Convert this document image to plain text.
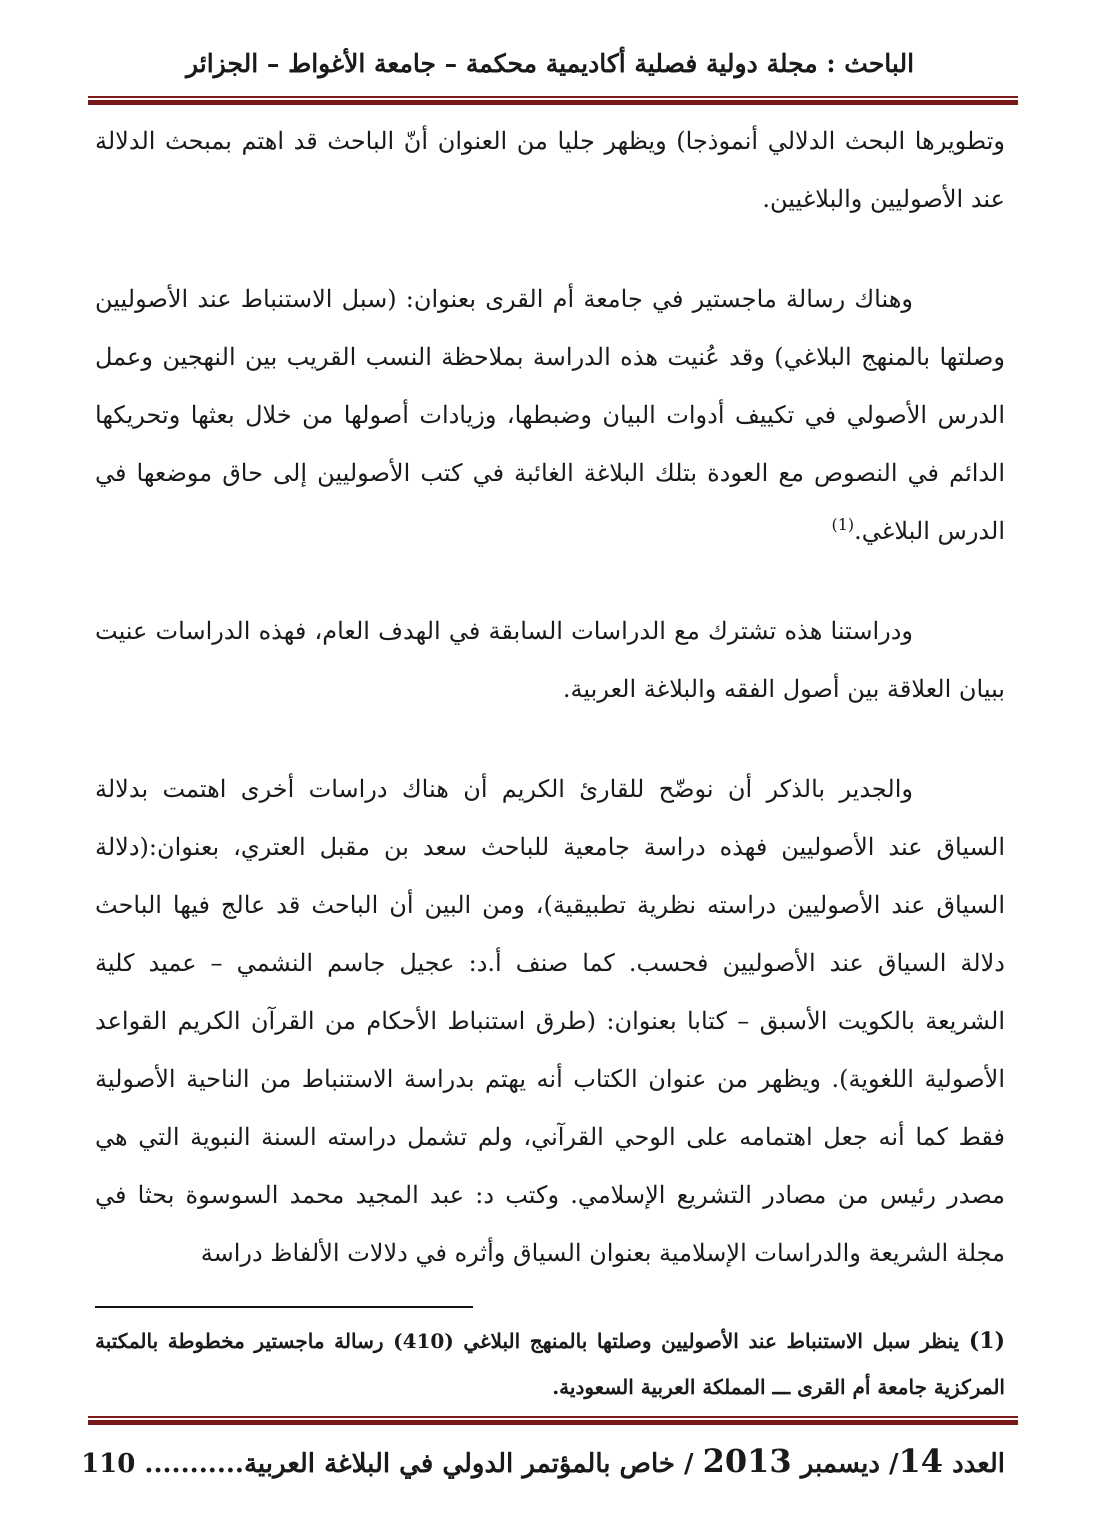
الباحث : مجلة دولية فصلية أكاديمية محكمة – جامعة الأغواط – الجزائر

وتطويرها البحث الدلالي أنموذجا) ويظهر جليا من العنوان أنّ الباحث قد اهتم بمبحث الدلالة عند الأصوليين والبلاغيين.

وهناك رسالة ماجستير في جامعة أم القرى بعنوان: (سبل الاستنباط عند الأصوليين وصلتها بالمنهج البلاغي) وقد عُنيت هذه الدراسة بملاحظة النسب القريب بين النهجين وعمل الدرس الأصولي في تكييف أدوات البيان وضبطها، وزيادات أصولها من خلال بعثها وتحريكها الدائم في النصوص مع العودة بتلك البلاغة الغائبة في كتب الأصوليين إلى حاق موضعها في الدرس البلاغي.$^{(1)}$

ودراستنا هذه تشترك مع الدراسات السابقة في الهدف العام، فهذه الدراسات عنيت ببيان العلاقة بين أصول الفقه والبلاغة العربية.

والجدير بالذكر أن نوضّح للقارئ الكريم أن هناك دراسات أخرى اهتمت بدلالة السياق عند الأصوليين فهذه دراسة جامعية للباحث سعد بن مقبل العتري، بعنوان:(دلالة السياق عند الأصوليين دراسته نظرية تطبيقية)، ومن البين أن الباحث قد عالج فيها الباحث دلالة السياق عند الأصوليين فحسب. كما صنف أ.د: عجيل جاسم النشمي – عميد كلية الشريعة بالكويت الأسبق – كتابا بعنوان: (طرق استنباط الأحكام من القرآن الكريم القواعد الأصولية اللغوية). ويظهر من عنوان الكتاب أنه يهتم بدراسة الاستنباط من الناحية الأصولية فقط كما أنه جعل اهتمامه على الوحي القرآني، ولم تشمل دراسته السنة النبوية التي هي مصدر رئيس من مصادر التشريع الإسلامي. وكتب د: عبد المجيد محمد السوسوة بحثا في مجلة الشريعة والدراسات الإسلامية بعنوان السياق وأثره في دلالات الألفاظ دراسة

(1) ينظر سبل الاستنباط عند الأصوليين وصلتها بالمنهج البلاغي (410) رسالة ماجستير مخطوطة بالمكتبة المركزية جامعة أم القرى ـــ المملكة العربية السعودية.
العدد 14/ ديسمبر 2013 / خاص بالمؤتمر الدولي في البلاغة العربية........... 110
